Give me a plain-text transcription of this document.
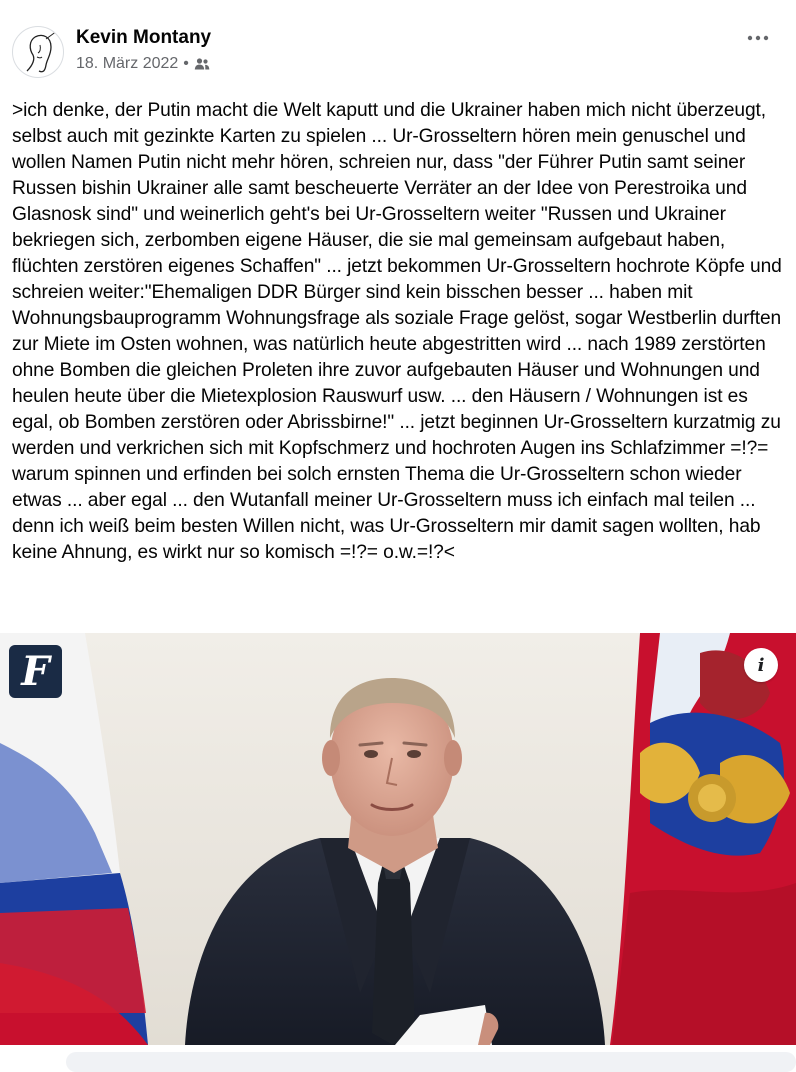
Kevin Montany
18. März 2022 •
>ich denke, der Putin macht die Welt kaputt und die Ukrainer haben mich nicht überzeugt, selbst auch mit gezinkte Karten zu spielen ... Ur-Grosseltern hören mein genuschel und wollen Namen Putin nicht mehr hören, schreien nur, dass "der Führer Putin samt seiner Russen bishin Ukrainer alle samt bescheuerte Verräter an der Idee von Perestroika und Glasnosk sind" und weinerlich geht's bei Ur-Grosseltern weiter "Russen und Ukrainer bekriegen sich, zerbomben eigene Häuser, die sie mal gemeinsam aufgebaut haben, flüchten zerstören eigenes Schaffen" ... jetzt bekommen Ur-Grosseltern hochrote Köpfe und schreien weiter:"Ehemaligen DDR Bürger sind kein bisschen besser ... haben mit Wohnungsbauprogramm Wohnungsfrage als soziale Frage gelöst, sogar Westberlin durften zur Miete im Osten wohnen, was natürlich heute abgestritten wird ... nach 1989 zerstörten ohne Bomben die gleichen Proleten ihre zuvor aufgebauten Häuser und Wohnungen und heulen heute über die Mietexplosion Rauswurf usw. ... den Häusern / Wohnungen ist es egal, ob Bomben zerstören oder Abrissbirne!" ... jetzt beginnen Ur-Grosseltern kurzatmig zu werden und verkrichen sich mit Kopfschmerz und hochroten Augen ins Schlafzimmer =!?= warum spinnen und erfinden bei solch ernsten Thema die Ur-Grosseltern schon wieder etwas ... aber egal ... den Wutanfall meiner Ur-Grosseltern muss ich einfach mal teilen ... denn ich weiß beim besten Willen nicht, was Ur-Grosseltern mir damit sagen wollten, hab keine Ahnung, es wirkt nur so komisch =!?= o.w.=!?<
F	i
